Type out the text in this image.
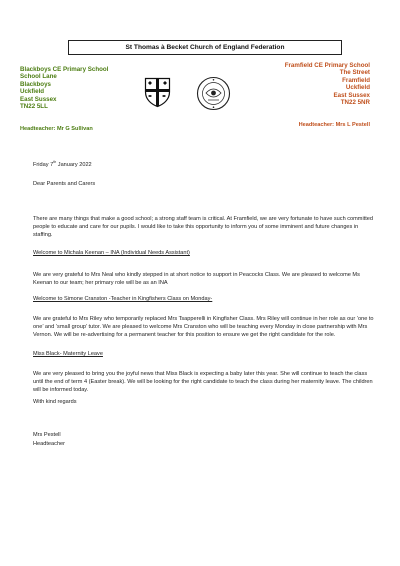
St Thomas à Becket Church of England Federation
Blackboys CE Primary School
School Lane
Blackboys
Uckfield
East Sussex
TN22 5LL
Headteacher: Mr G Sullivan
Framfield CE Primary School
The Street
Framfield
Uckfield
East Sussex
TN22 5NR
Headteacher: Mrs L Pestell
Friday 7th January 2022
Dear Parents and Carers

There are many things that make a good school; a strong staff team is critical. At Framfield, we are very fortunate to have such committed people to educate and care for our pupils. I would like to take this opportunity to inform you of some imminent and future changes in staffing.

Welcome to Michala Keenan – INA (Individual Needs Assistant)

We are very grateful to Mrs Neal who kindly stepped in at short notice to support in Peacocks Class. We are pleased to welcome Ms Keenan to our team; her primary role will be as an INA

Welcome to Simone Cranston -Teacher in Kingfishers Class on Monday-

We are grateful to Mrs Riley who temporarily replaced Mrs Tsapperelli in Kingfisher Class. Mrs Riley will continue in her role as our ‘one to one’ and ‘small group’ tutor. We are pleased to welcome Mrs Cranston who will be teaching every Monday in close partnership with Mrs Vernon. We will be re-advertising for a permanent teacher for this position to ensure we get the right candidate for the role.

Miss Black- Maternity Leave

We are very pleased to bring you the joyful news that Miss Black is expecting a baby later this year. She will continue to teach the class until the end of term 4 (Easter break). We will be looking for the right candidate to teach the class during her maternity leave. The children will be informed today.

With kind regards
Mrs Pestell
Headteacher
